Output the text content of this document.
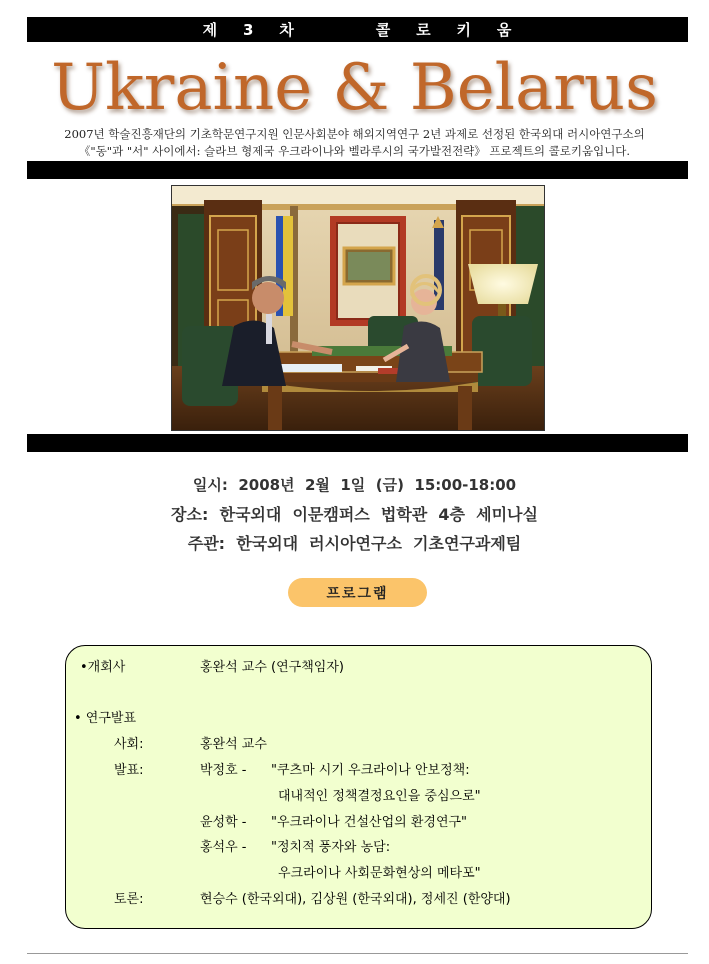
제    3    차             콜    로    키    움
Ukraine & Belarus
2007년 학술진흥재단의 기초학문연구지원 인문사회분야 해외지역연구 2년 과제로 선정된 한국외대 러시아연구소의
《"동"과 "서" 사이에서: 슬라브 형제국 우크라이나와 벨라루시의 국가발전전략》 프로젝트의 콜로키움입니다.
일시:  2008년  2월  1일  (금)  15:00-18:00
장소:  한국외대  이문캠퍼스  법학관  4층  세미나실
주관:  한국외대  러시아연구소  기초연구과제팀
프로그램
•개회사	홍완석 교수 (연구책임자)
• 연구발표
사회:	홍완석 교수
발표:	박정호 - "쿠츠마 시기 우크라이나 안보정책:
대내적인 정책결정요인을 중심으로"
윤성학 - "우크라이나 건설산업의 환경연구"
홍석우 - "정치적 풍자와 농담:
우크라이나 사회문화현상의 메타포"
토론:	현승수 (한국외대), 김상원 (한국외대), 정세진 (한양대)
